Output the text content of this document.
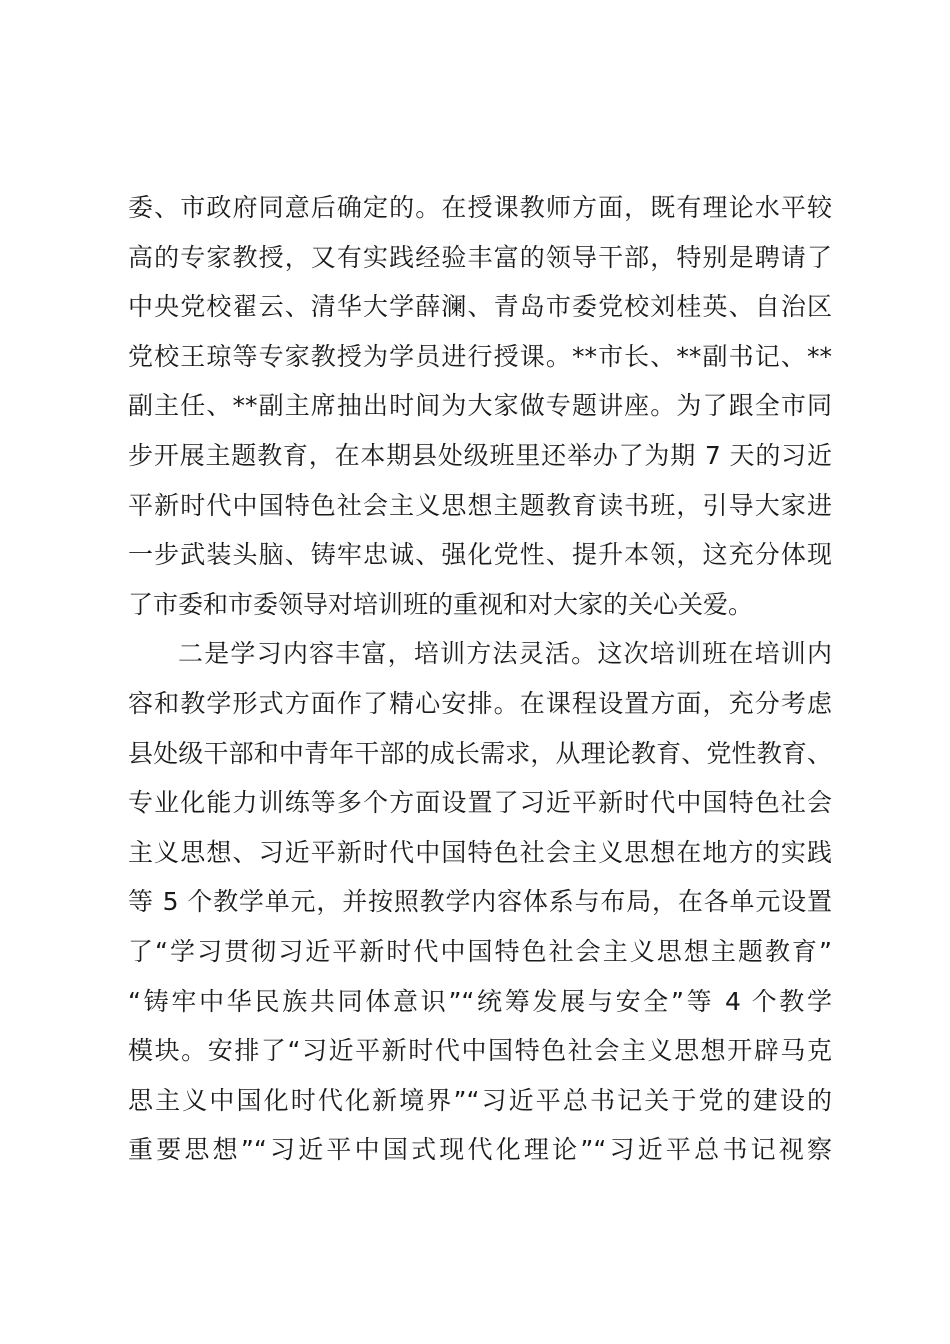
委、市政府同意后确定的。在授课教师方面，既有理论水平较
高的专家教授，又有实践经验丰富的领导干部，特别是聘请了
中央党校翟云、清华大学薛澜、青岛市委党校刘桂英、自治区
党校王琼等专家教授为学员进行授课。**市长、**副书记、**
副主任、**副主席抽出时间为大家做专题讲座。为了跟全市同
步开展主题教育，在本期县处级班里还举办了为期 7 天的习近
平新时代中国特色社会主义思想主题教育读书班，引导大家进
一步武装头脑、铸牢忠诚、强化党性、提升本领，这充分体现
了市委和市委领导对培训班的重视和对大家的关心关爱。
二是学习内容丰富，培训方法灵活。这次培训班在培训内
容和教学形式方面作了精心安排。在课程设置方面，充分考虑
县处级干部和中青年干部的成长需求，从理论教育、党性教育、
专业化能力训练等多个方面设置了习近平新时代中国特色社会
主义思想、习近平新时代中国特色社会主义思想在地方的实践
等 5 个教学单元，并按照教学内容体系与布局，在各单元设置
了“学习贯彻习近平新时代中国特色社会主义思想主题教育”
“铸牢中华民族共同体意识”“统筹发展与安全”等 4 个教学
模块。安排了“习近平新时代中国特色社会主义思想开辟马克
思主义中国化时代化新境界”“习近平总书记关于党的建设的
重要思想”“习近平中国式现代化理论”“习近平总书记视察
